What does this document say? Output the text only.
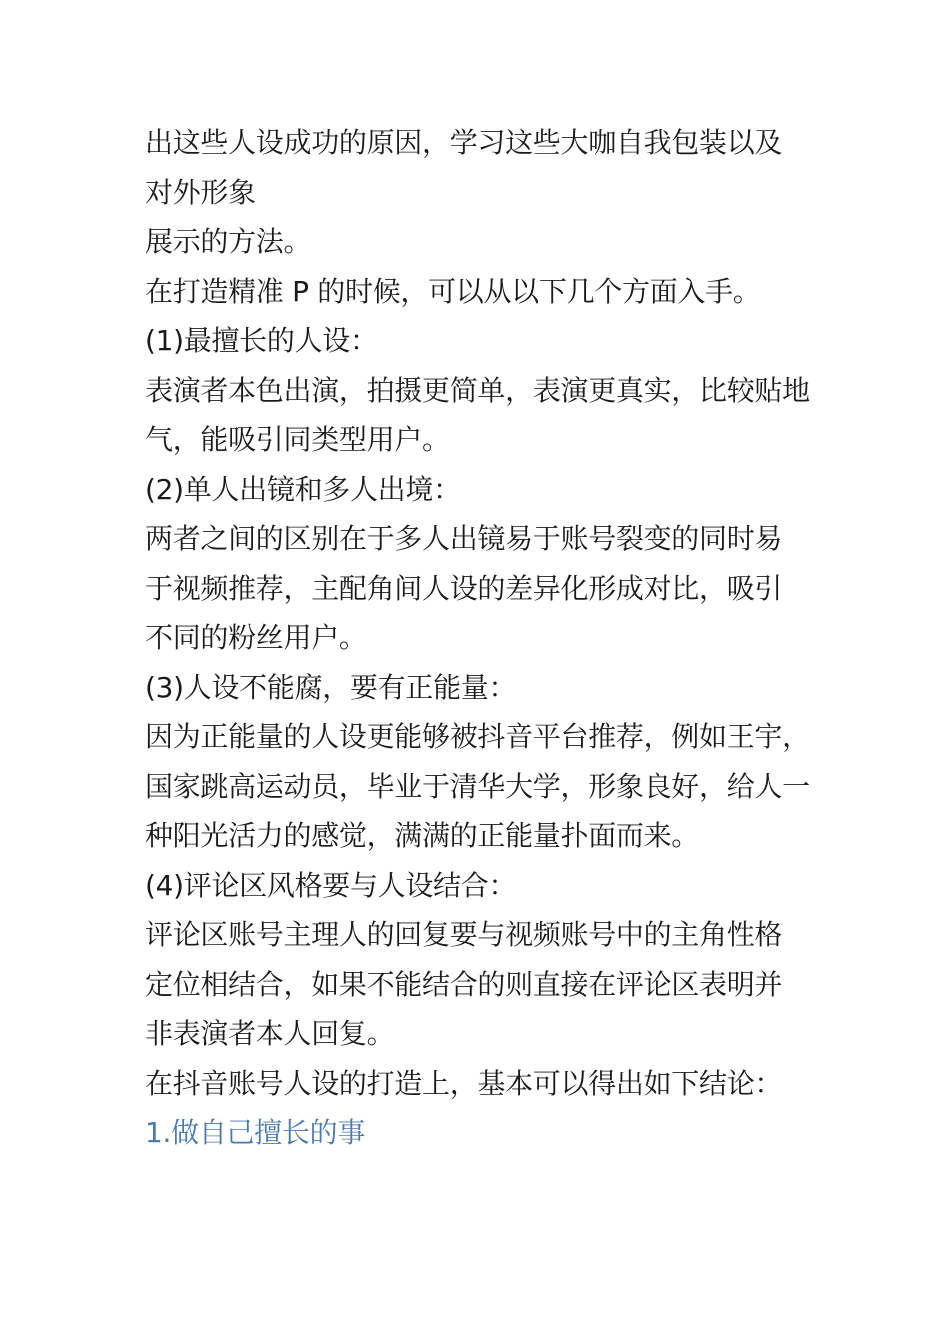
出这些人设成功的原因，学习这些大咖自我包装以及
对外形象
展示的方法。
在打造精准 P 的时候，可以从以下几个方面入手。
(1)最擅长的人设：
表演者本色出演，拍摄更简单，表演更真实，比较贴地
气，能吸引同类型用户。
(2)单人出镜和多人出境：
两者之间的区别在于多人出镜易于账号裂变的同时易
于视频推荐，主配角间人设的差异化形成对比，吸引
不同的粉丝用户。
(3)人设不能腐，要有正能量：
因为正能量的人设更能够被抖音平台推荐，例如王宇，
国家跳高运动员，毕业于清华大学，形象良好，给人一
种阳光活力的感觉，满满的正能量扑面而来。
(4)评论区风格要与人设结合：
评论区账号主理人的回复要与视频账号中的主角性格
定位相结合，如果不能结合的则直接在评论区表明并
非表演者本人回复。
在抖音账号人设的打造上，基本可以得出如下结论：
1.做自己擅长的事
